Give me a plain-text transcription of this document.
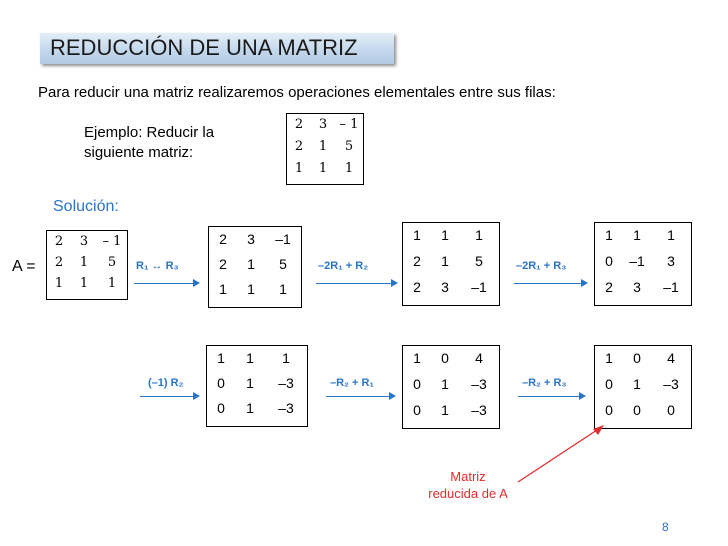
REDUCCIÓN DE UNA MATRIZ
Para reducir una matriz realizaremos operaciones elementales entre sus filas:
Ejemplo: Reducir la
siguiente matriz:
2	3 – 1
2	1	5
1	1	1
Solución:
A =
2	3	– 1
2	1	5
1	1	1
R₁ ↔ R₃
2	3	–1
2	1	5
1	1	1
–2R₁ + R₂
1	1	1
2	1	5
2	3	–1
–2R₁ + R₃
1	1	1
0	–1	3
2	3	–1
(–1) R₂
1	1	1
0	1	–3
0	1	–3
–R₂ + R₁
1	0	4
0	1	–3
0	1	–3
–R₂ + R₃
1	0	4
0	1	–3
0	0	0
Matriz
reducida de A
8
